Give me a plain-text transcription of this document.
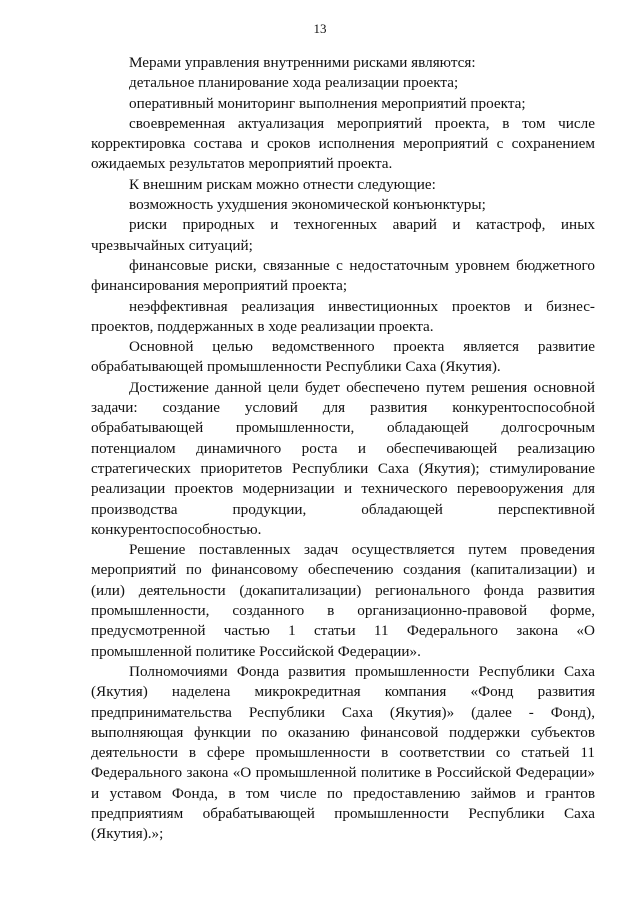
13

Мерами управления внутренними рисками являются:

детальное планирование хода реализации проекта;

оперативный мониторинг выполнения мероприятий проекта;

своевременная актуализация мероприятий проекта, в том числе корректировка состава и сроков исполнения мероприятий с сохранением ожидаемых результатов мероприятий проекта.

К внешним рискам можно отнести следующие:

возможность ухудшения экономической конъюнктуры;

риски природных и техногенных аварий и катастроф, иных чрезвычайных ситуаций;

финансовые риски, связанные с недостаточным уровнем бюджетного финансирования мероприятий проекта;

неэффективная реализация инвестиционных проектов и бизнес-проектов, поддержанных в ходе реализации проекта.

Основной целью ведомственного проекта является развитие обрабатывающей промышленности Республики Саха (Якутия).

Достижение данной цели будет обеспечено путем решения основной задачи: создание условий для развития конкурентоспособной обрабатывающей промышленности, обладающей долгосрочным потенциалом динамичного роста и обеспечивающей реализацию стратегических приоритетов Республики Саха (Якутия); стимулирование реализации проектов модернизации и технического перевооружения для производства продукции, обладающей перспективной конкурентоспособностью.

Решение поставленных задач осуществляется путем проведения мероприятий по финансовому обеспечению создания (капитализации) и (или) деятельности (докапитализации) регионального фонда развития промышленности, созданного в организационно-правовой форме, предусмотренной частью 1 статьи 11 Федерального закона «О промышленной политике Российской Федерации».

Полномочиями Фонда развития промышленности Республики Саха (Якутия) наделена микрокредитная компания «Фонд развития предпринимательства Республики Саха (Якутия)» (далее - Фонд), выполняющая функции по оказанию финансовой поддержки субъектов деятельности в сфере промышленности в соответствии со статьей 11 Федерального закона «О промышленной политике в Российской Федерации» и уставом Фонда, в том числе по предоставлению займов и грантов предприятиям обрабатывающей промышленности Республики Саха (Якутия).»;
